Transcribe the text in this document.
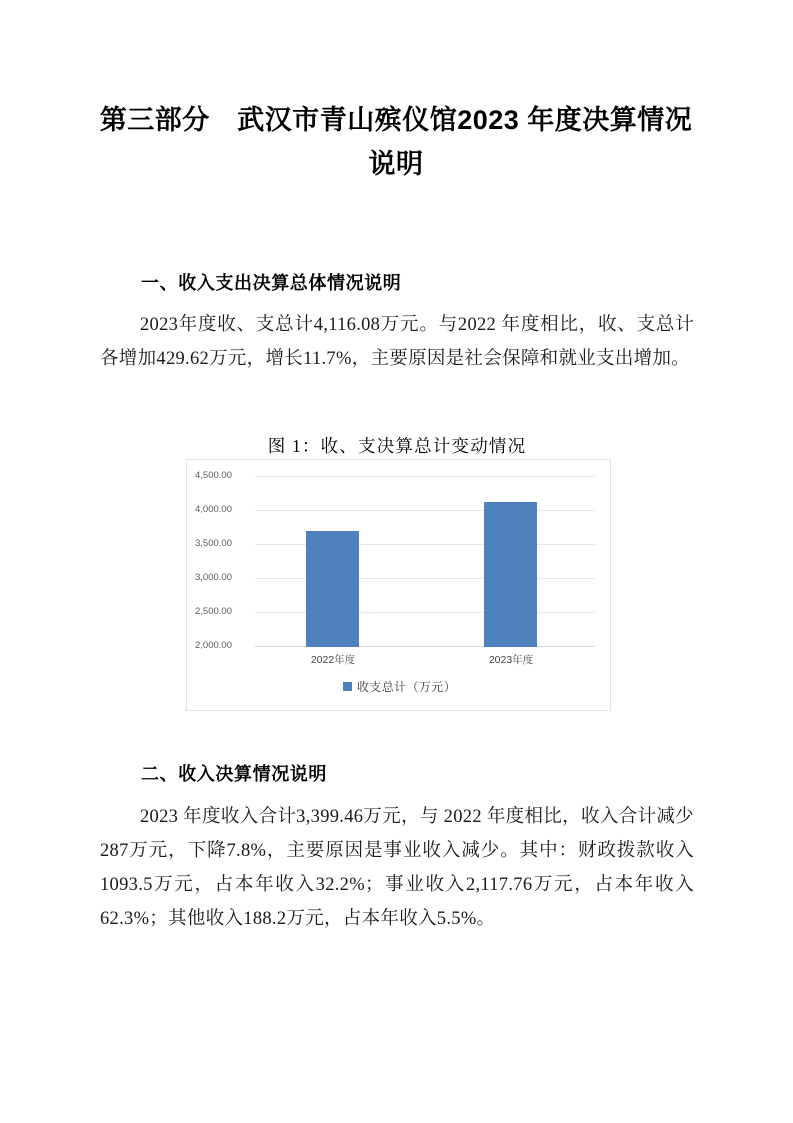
第三部分　武汉市青山殡仪馆2023 年度决算情况说明
一、收入支出决算总体情况说明
2023年度收、支总计4,116.08万元。与2022 年度相比，收、支总计各增加429.62万元，增长11.7%，主要原因是社会保障和就业支出增加。
图 1：收、支决算总计变动情况
4,500.00
4,000.00
3,500.00
3,000.00
2,500.00
2,000.00
2022年度	2023年度
收支总计（万元）
二、收入决算情况说明
2023 年度收入合计3,399.46万元，与 2022 年度相比，收入合计减少287万元，下降7.8%，主要原因是事业收入减少。其中：财政拨款收入1093.5万元，占本年收入32.2%；事业收入2,117.76万元，占本年收入62.3%；其他收入188.2万元，占本年收入5.5%。
